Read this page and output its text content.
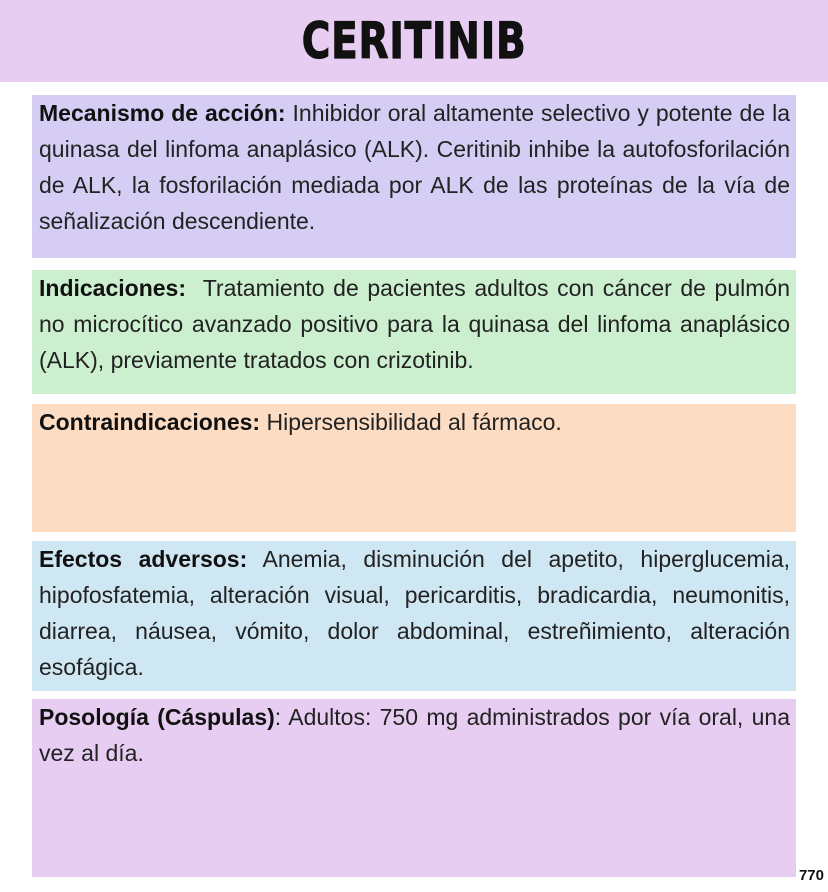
CERITINIB

Mecanismo de acción: Inhibidor oral altamente selectivo y potente de la quinasa del linfoma anaplásico (ALK). Ceritinib inhibe la autofosforilación de ALK, la fosforilación mediada por ALK de las proteínas de la vía de señalización descendiente.

Indicaciones: Tratamiento de pacientes adultos con cáncer de pulmón no microcítico avanzado positivo para la quinasa del linfoma anaplásico (ALK), previamente tratados con crizotinib.

Contraindicaciones: Hipersensibilidad al fármaco.

Efectos adversos: Anemia, disminución del apetito, hiperglucemia, hipofosfatemia, alteración visual, pericarditis, bradicardia, neumonitis, diarrea, náusea, vómito, dolor abdominal, estreñimiento, alteración esofágica.

Posología (Cáspulas): Adultos: 750 mg administrados por vía oral, una vez al día.

770
